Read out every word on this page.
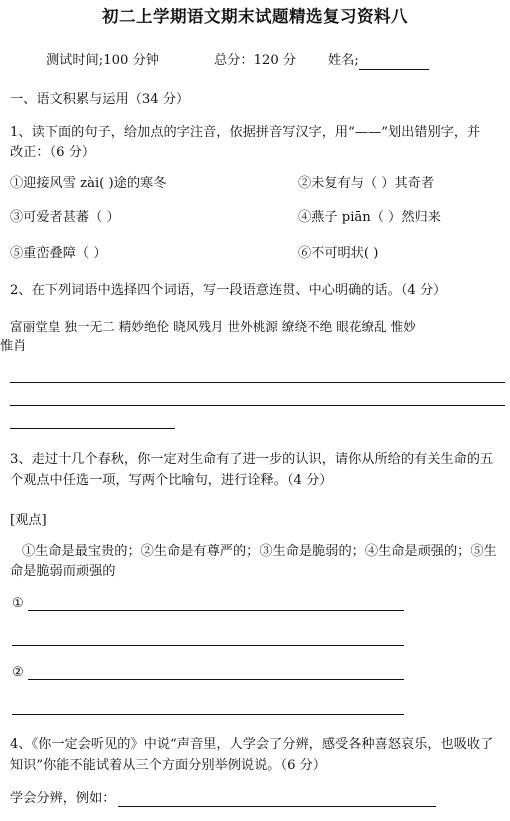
初二上学期语文期末试题精选复习资料八
测试时间;100 分钟	总分：120 分 姓名;
一、语文积累与运用（34 分）
1、读下面的句子，给加点的字注音，依据拼音写汉字，用“——”划出错别字，并
改正：（6 分）
①迎接风雪 zài( )途的寒冬	②未复有与（ ）其奇者
③可爱者甚蕃（ ）	④燕子 piān（ ）然归来
⑤重峦叠障（ ）	⑥不可明状( )
2、在下列词语中选择四个词语，写一段语意连贯、中心明确的话。（4 分）
富丽堂皇 独一无二 精妙绝伦 晓风残月 世外桃源 缭绕不绝 眼花缭乱 惟妙
惟肖
3、走过十几个春秋，你一定对生命有了进一步的认识，请你从所给的有关生命的五
个观点中任选一项，写两个比喻句，进行诠释。（4 分）
[观点]
①生命是最宝贵的；②生命是有尊严的；③生命是脆弱的；④生命是顽强的；⑤生
命是脆弱而顽强的
①
②
4、《你一定会听见的》中说“声音里，人学会了分辨，感受各种喜怒哀乐，也吸收了
知识”你能不能试着从三个方面分别举例说说。（6 分）
学会分辨，例如：
